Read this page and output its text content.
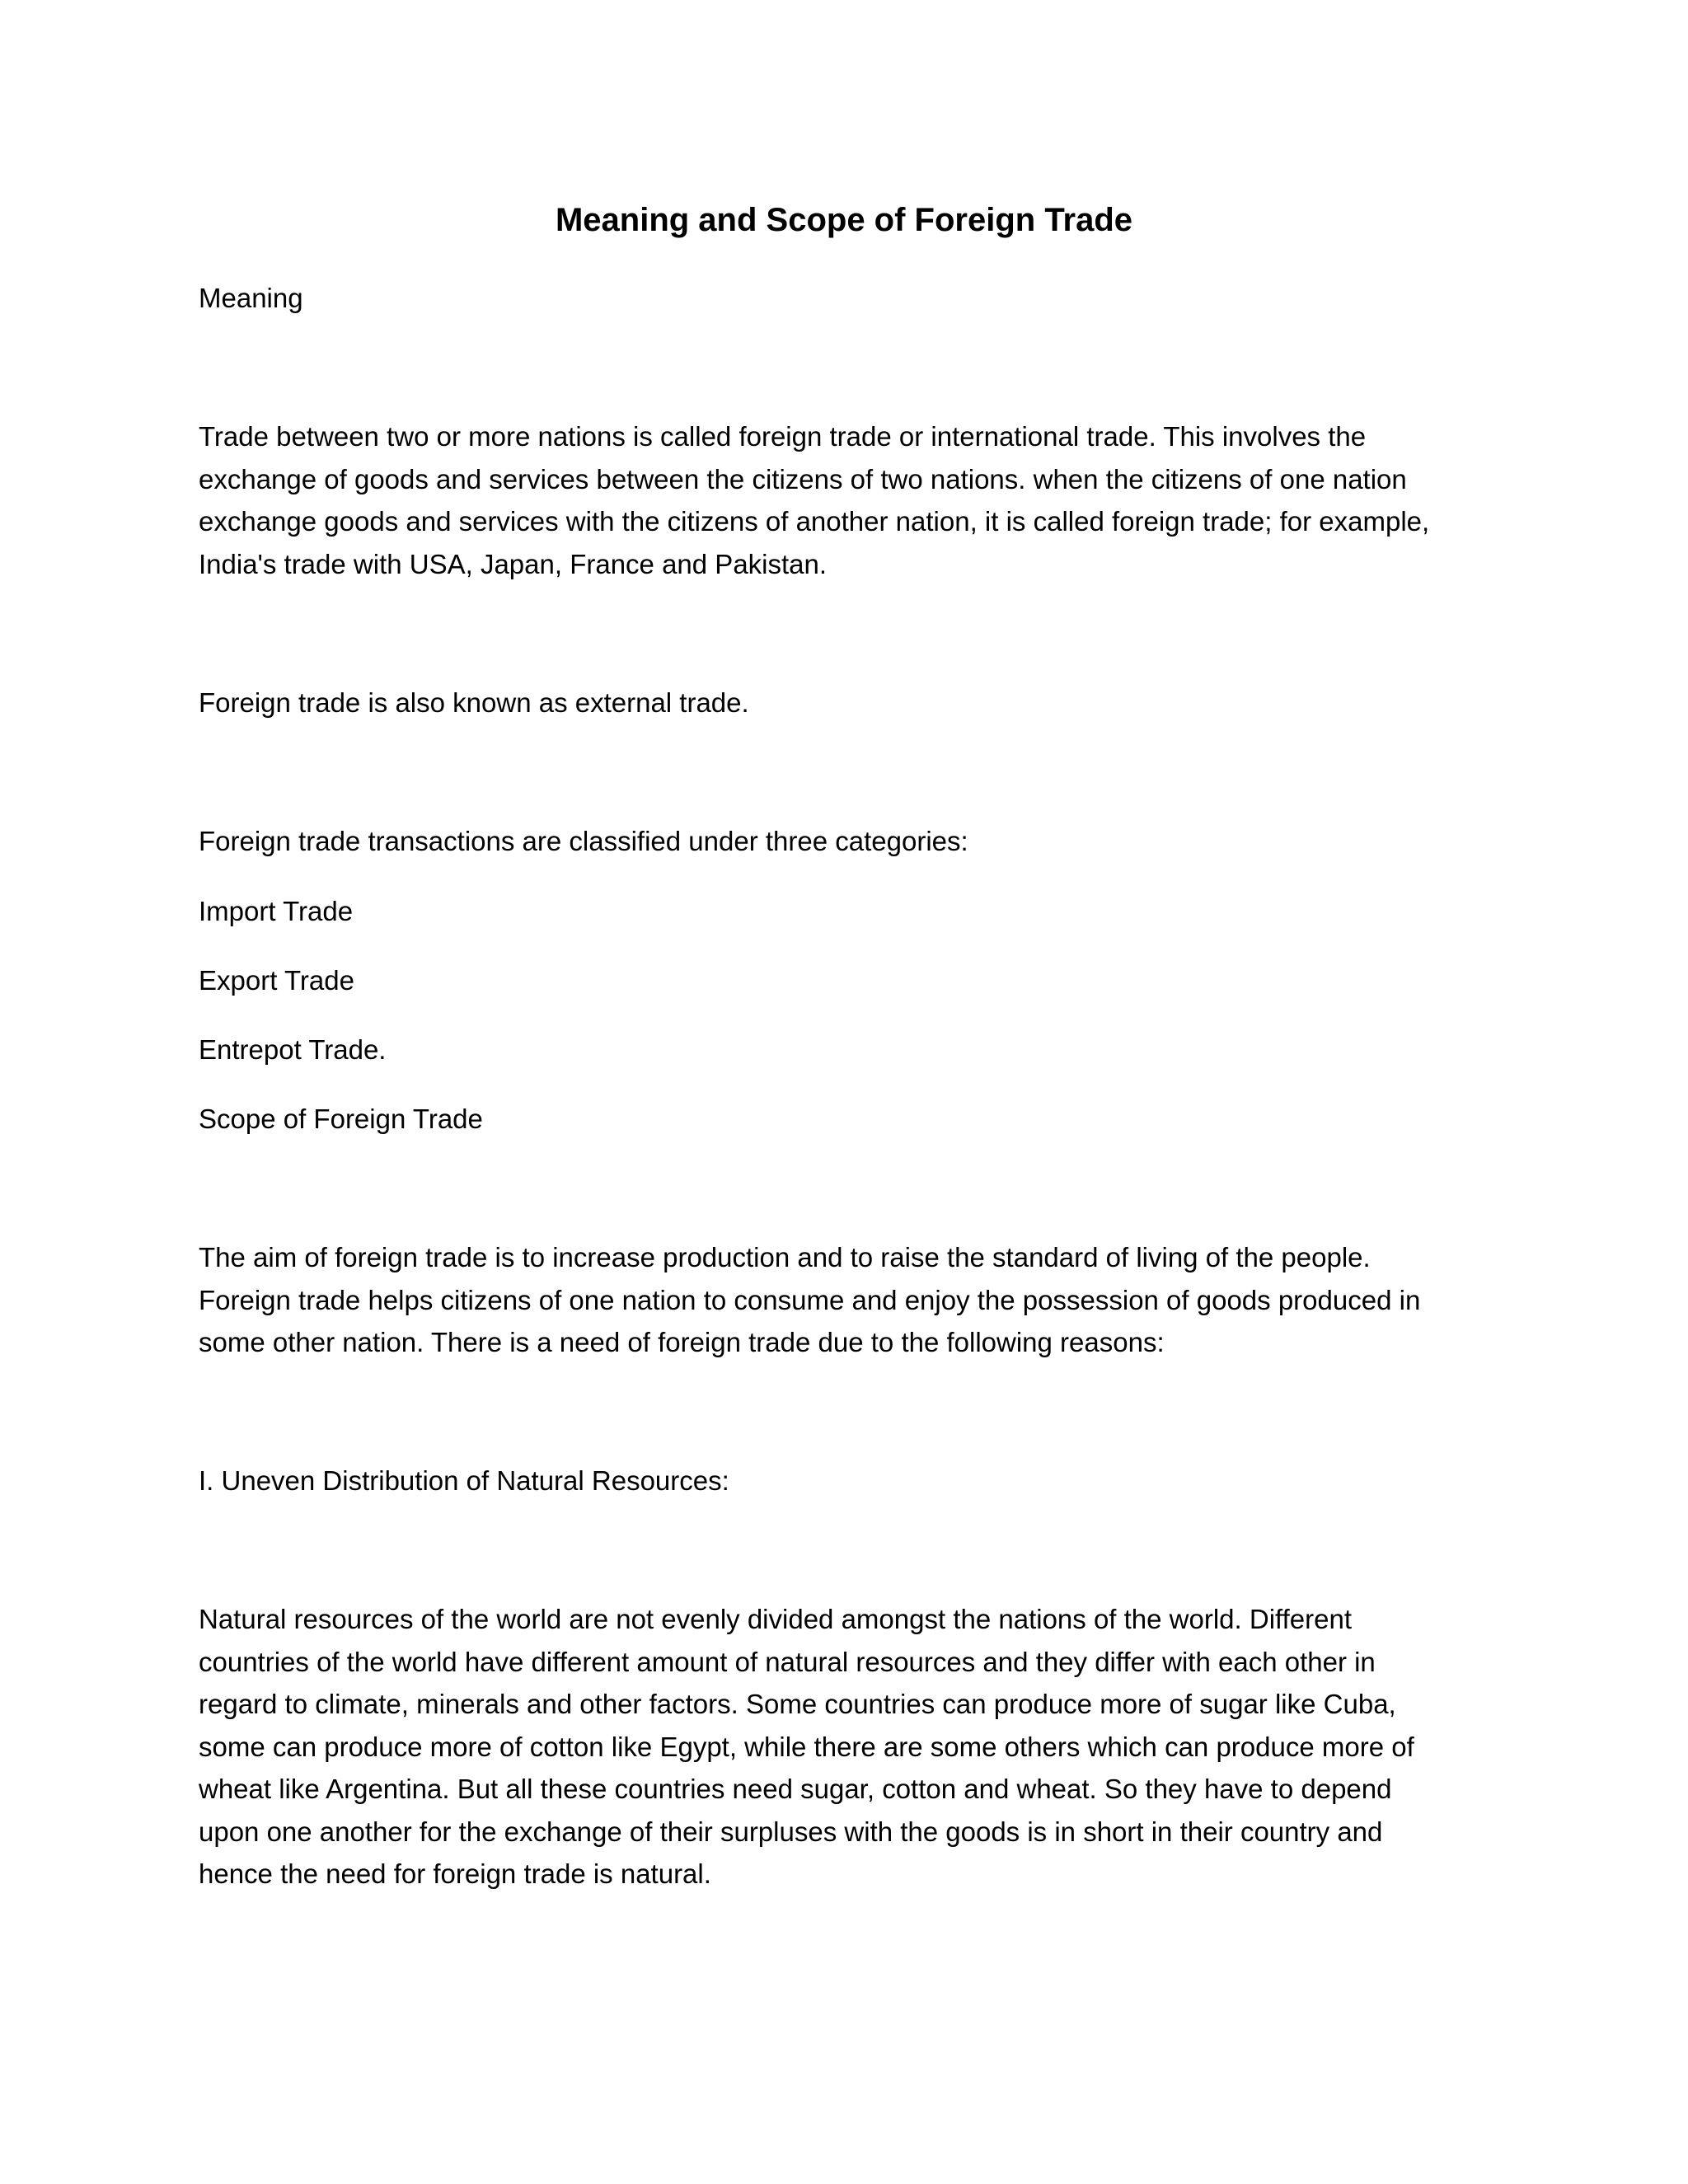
Meaning and Scope of Foreign Trade

Meaning

Trade between two or more nations is called foreign trade or international trade. This involves the
exchange of goods and services between the citizens of two nations. when the citizens of one nation
exchange goods and services with the citizens of another nation, it is called foreign trade; for example,
India's trade with USA, Japan, France and Pakistan.

Foreign trade is also known as external trade.

Foreign trade transactions are classified under three categories:

Import Trade

Export Trade

Entrepot Trade.

Scope of Foreign Trade

The aim of foreign trade is to increase production and to raise the standard of living of the people.
Foreign trade helps citizens of one nation to consume and enjoy the possession of goods produced in
some other nation. There is a need of foreign trade due to the following reasons:

I. Uneven Distribution of Natural Resources:

Natural resources of the world are not evenly divided amongst the nations of the world. Different
countries of the world have different amount of natural resources and they differ with each other in
regard to climate, minerals and other factors. Some countries can produce more of sugar like Cuba,
some can produce more of cotton like Egypt, while there are some others which can produce more of
wheat like Argentina. But all these countries need sugar, cotton and wheat. So they have to depend
upon one another for the exchange of their surpluses with the goods is in short in their country and
hence the need for foreign trade is natural.
